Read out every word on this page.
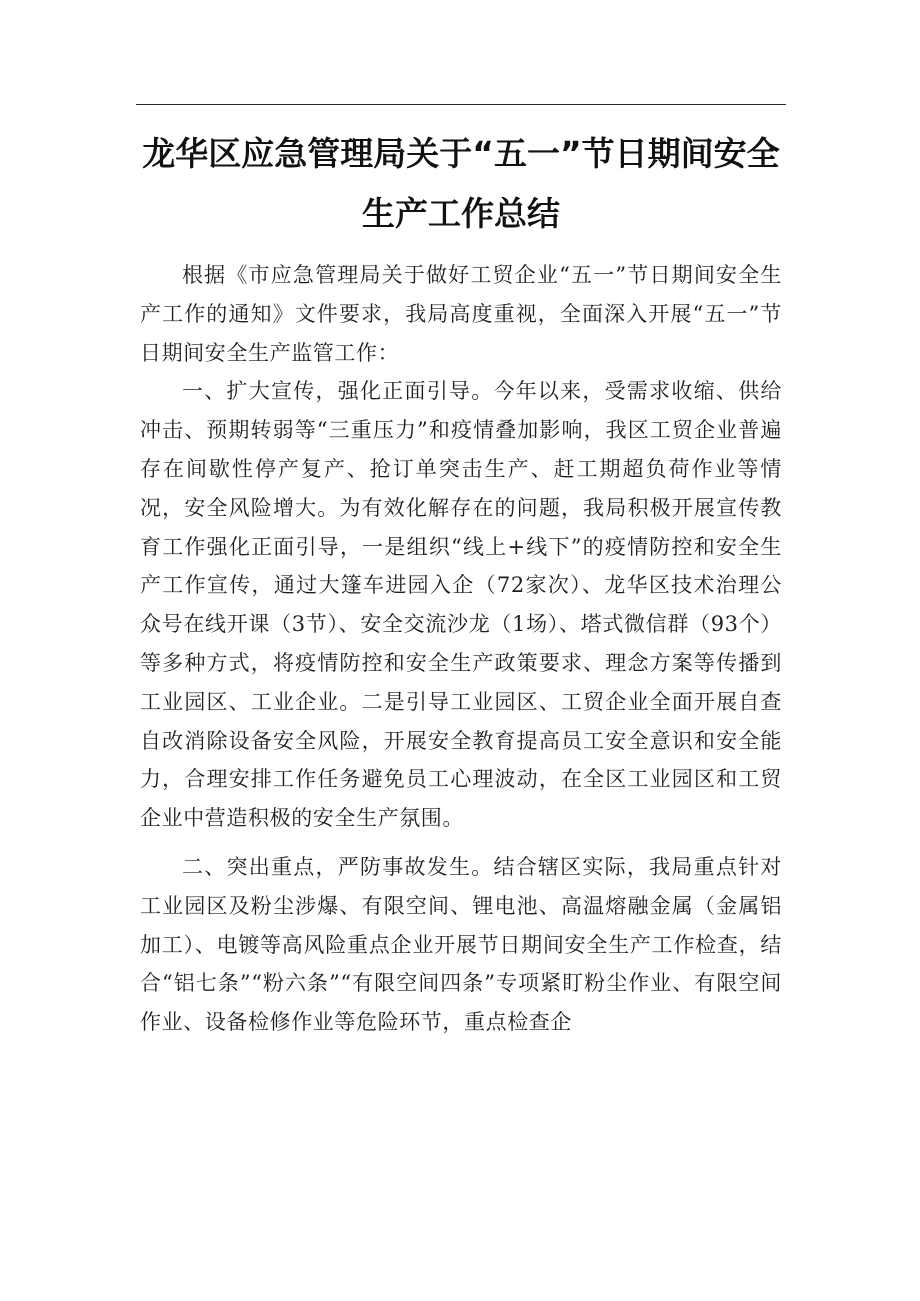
龙华区应急管理局关于“五一”节日期间安全生产工作总结

根据《市应急管理局关于做好工贸企业“五一”节日期间安全生产工作的通知》文件要求，我局高度重视，全面深入开展“五一”节日期间安全生产监管工作：

一、扩大宣传，强化正面引导。今年以来，受需求收缩、供给冲击、预期转弱等“三重压力”和疫情叠加影响，我区工贸企业普遍存在间歇性停产复产、抢订单突击生产、赶工期超负荷作业等情况，安全风险增大。为有效化解存在的问题，我局积极开展宣传教育工作强化正面引导，一是组织“线上+线下”的疫情防控和安全生产工作宣传，通过大篷车进园入企（72家次）、龙华区技术治理公众号在线开课（3节）、安全交流沙龙（1场）、塔式微信群（93个）等多种方式，将疫情防控和安全生产政策要求、理念方案等传播到工业园区、工业企业。二是引导工业园区、工贸企业全面开展自查自改消除设备安全风险，开展安全教育提高员工安全意识和安全能力，合理安排工作任务避免员工心理波动，在全区工业园区和工贸企业中营造积极的安全生产氛围。

二、突出重点，严防事故发生。结合辖区实际，我局重点针对工业园区及粉尘涉爆、有限空间、锂电池、高温熔融金属（金属铝加工）、电镀等高风险重点企业开展节日期间安全生产工作检查，结合“铝七条”“粉六条”“有限空间四条”专项紧盯粉尘作业、有限空间作业、设备检修作业等危险环节，重点检查企
